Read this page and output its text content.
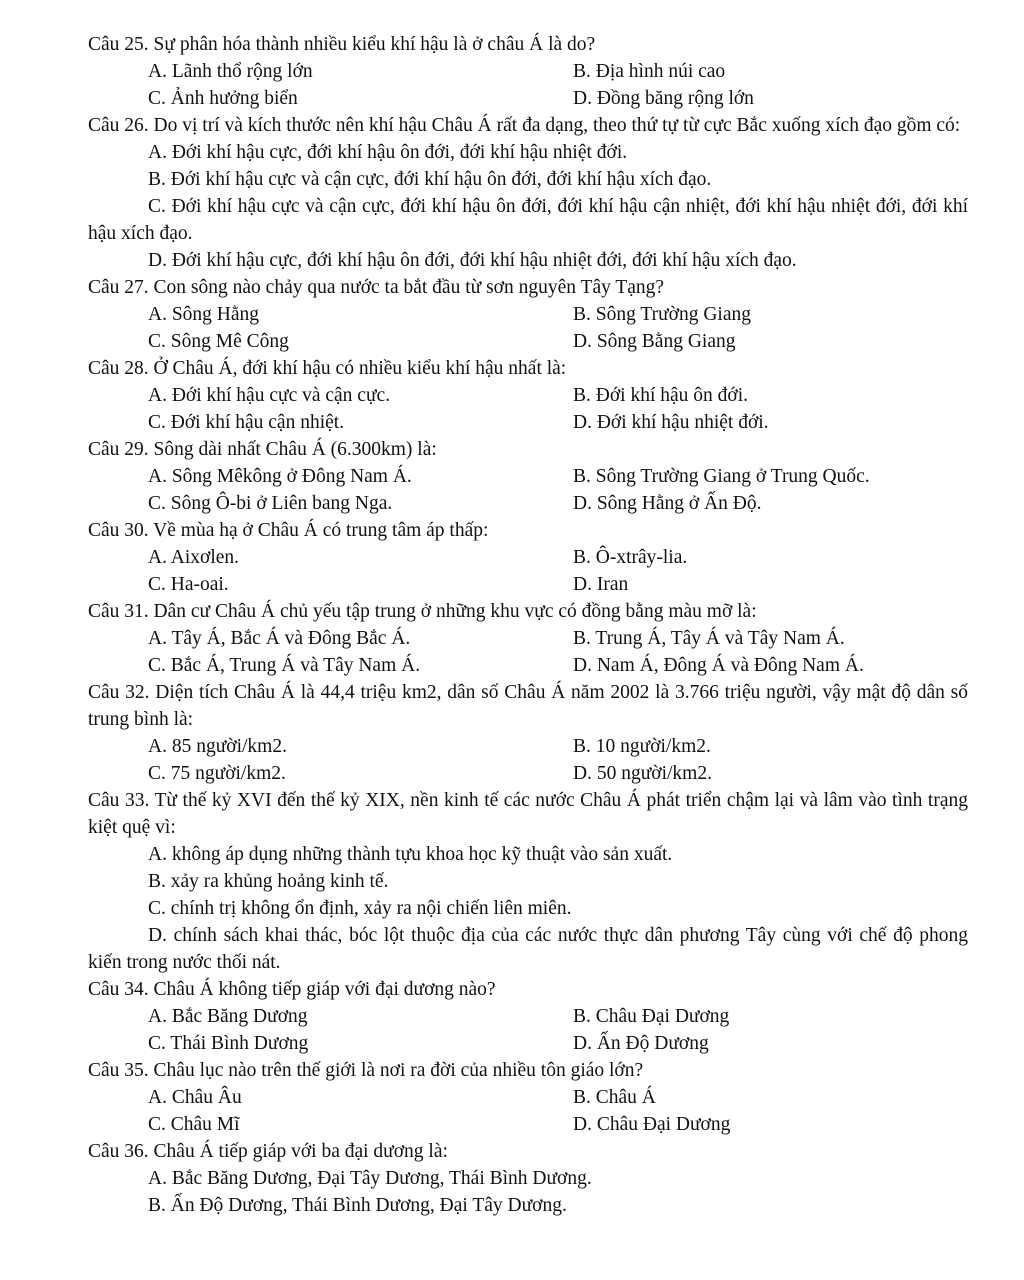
Câu 25. Sự phân hóa thành nhiều kiểu khí hậu là ở châu Á là do?
A. Lãnh thổ rộng lớn	B. Địa hình núi cao
C. Ảnh hưởng biển	D. Đồng băng rộng lớn
Câu 26. Do vị trí và kích thước nên khí hậu Châu Á rất đa dạng, theo thứ tự từ cực Bắc xuống xích đạo gồm có:
A. Đới khí hậu cực, đới khí hậu ôn đới, đới khí hậu nhiệt đới.
B. Đới khí hậu cực và cận cực, đới khí hậu ôn đới, đới khí hậu xích đạo.
C. Đới khí hậu cực và cận cực, đới khí hậu ôn đới, đới khí hậu cận nhiệt, đới khí hậu nhiệt đới, đới khí hậu xích đạo.
D. Đới khí hậu cực, đới khí hậu ôn đới, đới khí hậu nhiệt đới, đới khí hậu xích đạo.
Câu 27. Con sông nào chảy qua nước ta bắt đầu từ sơn nguyên Tây Tạng?
A. Sông Hằng	B. Sông Trường Giang
C. Sông Mê Công	D. Sông Bằng Giang
Câu 28. Ở Châu Á, đới khí hậu có nhiều kiểu khí hậu nhất là:
A. Đới khí hậu cực và cận cực.	B. Đới khí hậu ôn đới.
C. Đới khí hậu cận nhiệt.	D. Đới khí hậu nhiệt đới.
Câu 29. Sông dài nhất Châu Á (6.300km) là:
A. Sông Mêkông ở Đông Nam Á.	B. Sông Trường Giang ở Trung Quốc.
C. Sông Ô-bi ở Liên bang Nga.	D. Sông Hằng ở Ấn Độ.
Câu 30. Về mùa hạ ở Châu Á có trung tâm áp thấp:
A. Aixơlen.	B. Ô-xtrây-lia.
C. Ha-oai.	D. Iran
Câu 31. Dân cư Châu Á chủ yếu tập trung ở những khu vực có đồng bằng màu mỡ là:
A. Tây Á, Bắc Á và Đông Bắc Á.	B. Trung Á, Tây Á và Tây Nam Á.
C. Bắc Á, Trung Á và Tây Nam Á.	D. Nam Á, Đông Á và Đông Nam Á.
Câu 32. Diện tích Châu Á là 44,4 triệu km2, dân số Châu Á năm 2002 là 3.766 triệu người, vậy mật độ dân số trung bình là:
A. 85 người/km2.	B. 10 người/km2.
C. 75 người/km2.	D. 50 người/km2.
Câu 33. Từ thế kỷ XVI đến thế kỷ XIX, nền kinh tế các nước Châu Á phát triển chậm lại và lâm vào tình trạng kiệt quệ vì:
A. không áp dụng những thành tựu khoa học kỹ thuật vào sản xuất.
B. xảy ra khủng hoảng kinh tế.
C. chính trị không ổn định, xảy ra nội chiến liên miên.
D. chính sách khai thác, bóc lột thuộc địa của các nước thực dân phương Tây cùng với chế độ phong kiến trong nước thối nát.
Câu 34. Châu Á không tiếp giáp với đại dương nào?
A. Bắc Băng Dương	B. Châu Đại Dương
C. Thái Bình Dương	D. Ấn Độ Dương
Câu 35. Châu lục nào trên thế giới là nơi ra đời của nhiều tôn giáo lớn?
A. Châu Âu	B. Châu Á
C. Châu Mĩ	D. Châu Đại Dương
Câu 36. Châu Á tiếp giáp với ba đại dương là:
A. Bắc Băng Dương, Đại Tây Dương, Thái Bình Dương.
B. Ấn Độ Dương, Thái Bình Dương, Đại Tây Dương.
